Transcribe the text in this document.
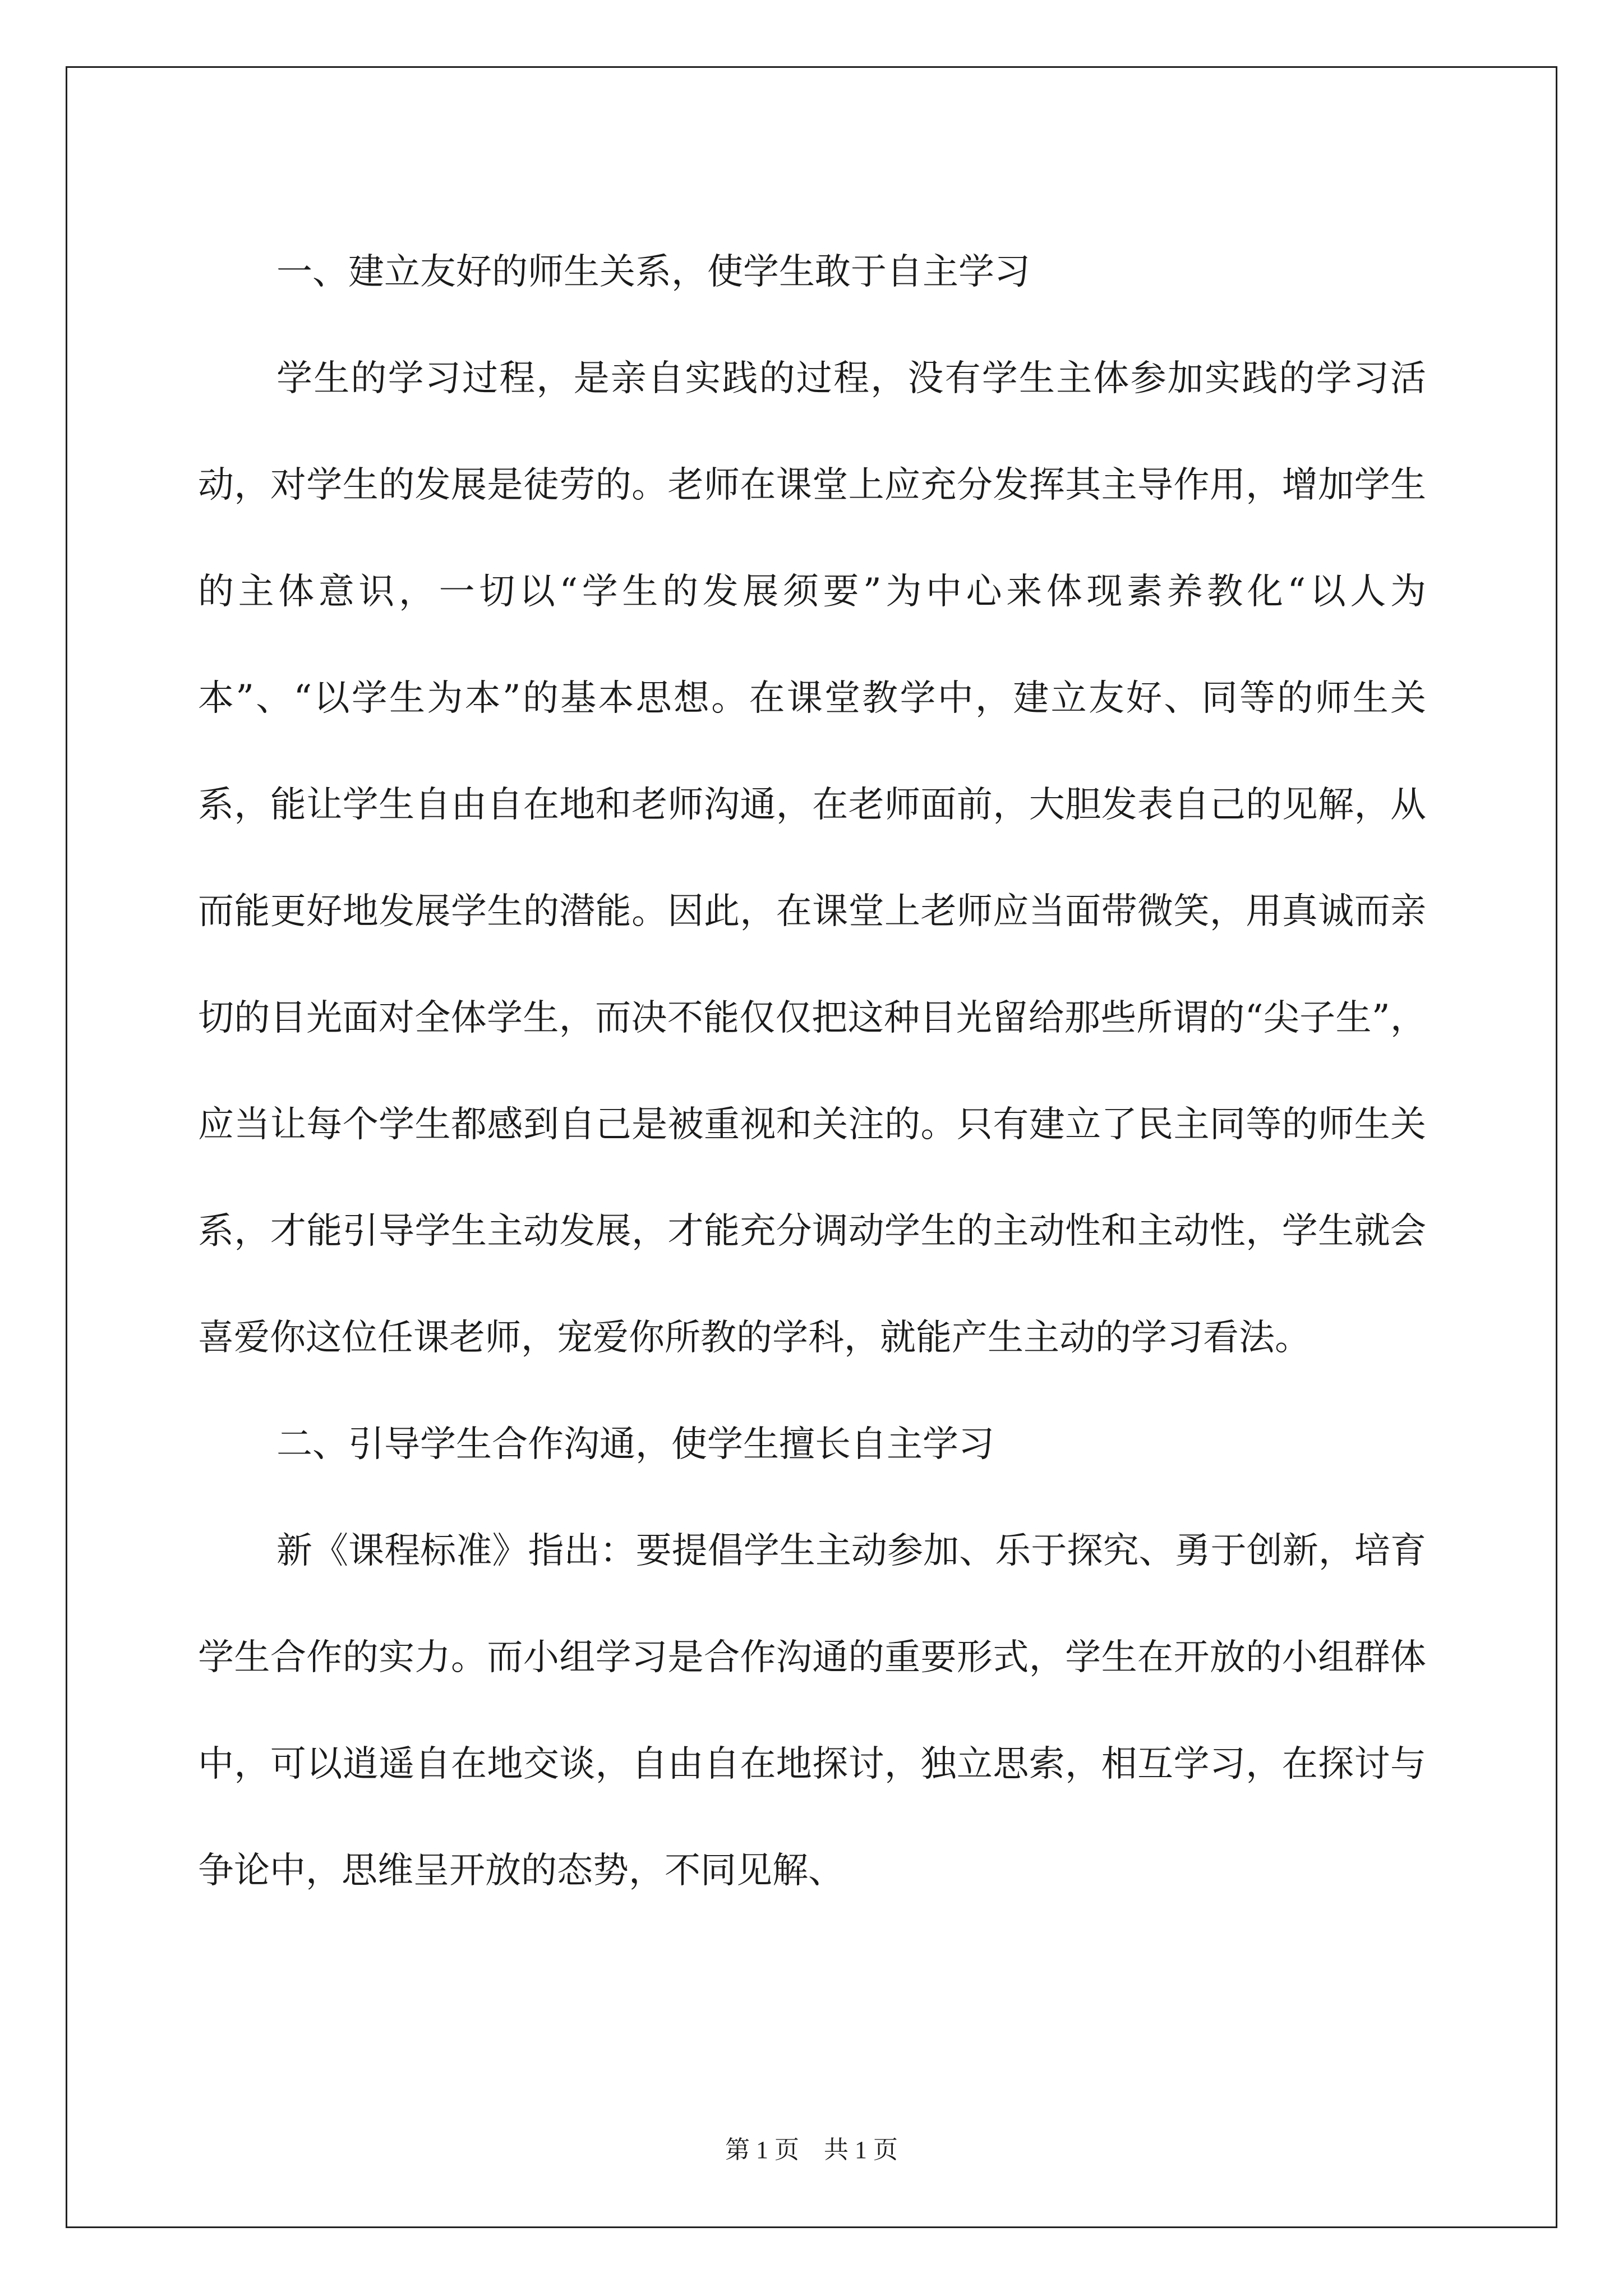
一、建立友好的师生关系，使学生敢于自主学习

学生的学习过程，是亲自实践的过程，没有学生主体参加实践的学习活动，对学生的发展是徒劳的。老师在课堂上应充分发挥其主导作用，增加学生的主体意识，一切以“学生的发展须要”为中心来体现素养教化“以人为本”、“以学生为本”的基本思想。在课堂教学中，建立友好、同等的师生关系，能让学生自由自在地和老师沟通，在老师面前，大胆发表自己的见解，从而能更好地发展学生的潜能。因此，在课堂上老师应当面带微笑，用真诚而亲切的目光面对全体学生，而决不能仅仅把这种目光留给那些所谓的“尖子生”，应当让每个学生都感到自己是被重视和关注的。只有建立了民主同等的师生关系，才能引导学生主动发展，才能充分调动学生的主动性和主动性，学生就会喜爱你这位任课老师，宠爱你所教的学科，就能产生主动的学习看法。

二、引导学生合作沟通，使学生擅长自主学习

新《课程标准》指出：要提倡学生主动参加、乐于探究、勇于创新，培育学生合作的实力。而小组学习是合作沟通的重要形式，学生在开放的小组群体中，可以逍遥自在地交谈，自由自在地探讨，独立思索，相互学习，在探讨与争论中，思维呈开放的态势，不同见解、

第 1 页　共 1 页
